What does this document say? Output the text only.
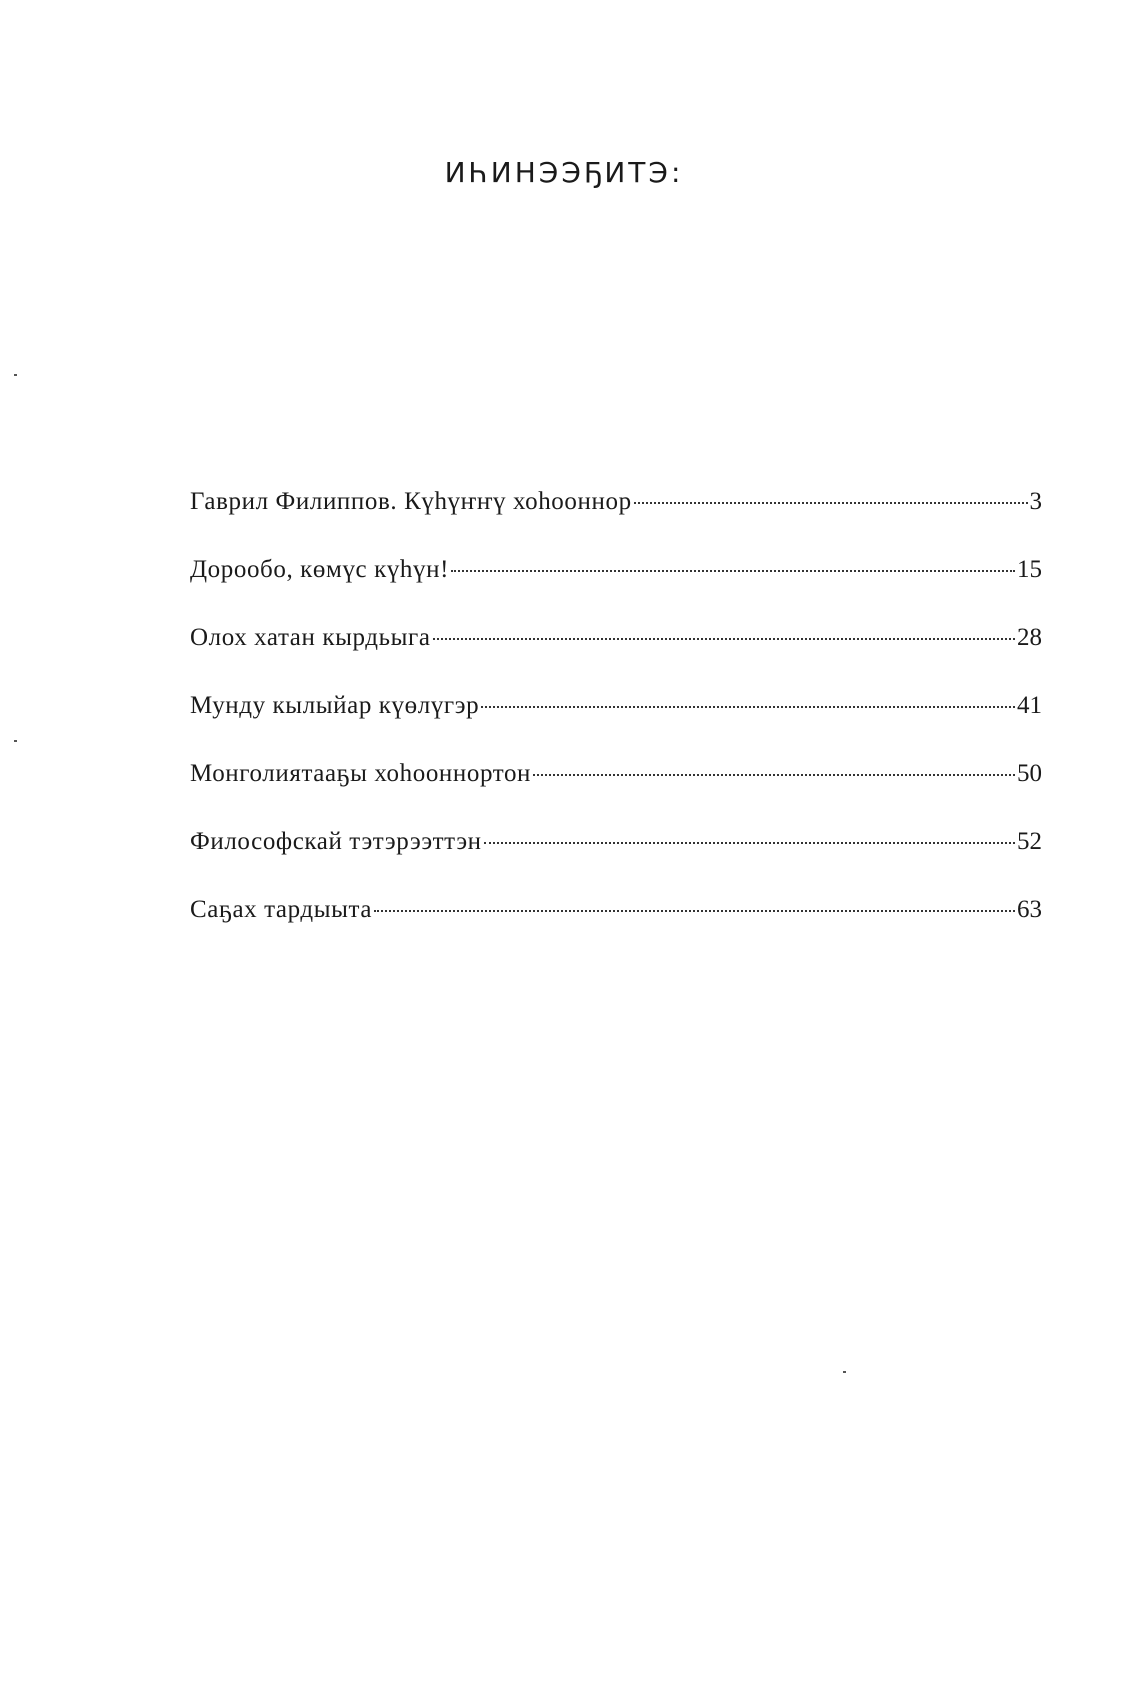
ИҺИНЭЭҔИТЭ:
Гаврил Филиппов. Күһүҥҥү хоһооннор	3
Дорообо, көмүс күһүн!	15
Олох хатан кырдьыга	28
Мунду кылыйар күөлүгэр	41
Монголиятааҕы хоһооннортон	50
Философскай тэтэрээттэн	52
Саҕах тардыыта	63
